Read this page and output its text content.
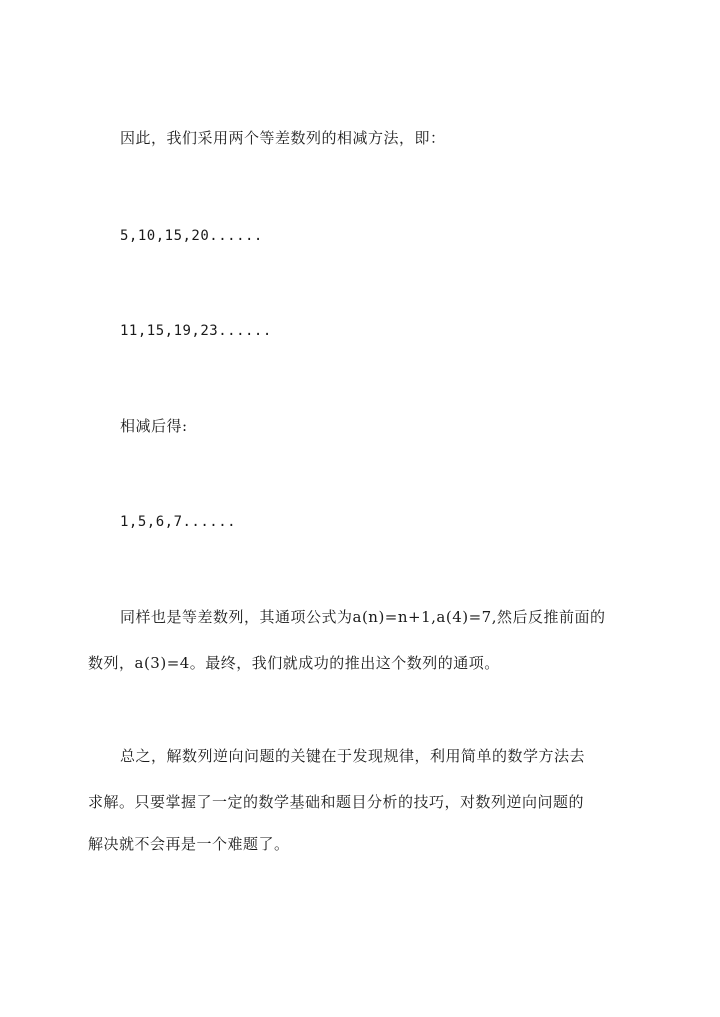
因此，我们采用两个等差数列的相减方法，即：
5,10,15,20......
11,15,19,23......
相减后得:
1,5,6,7......
同样也是等差数列，其通项公式为a(n)=n+1,a(4)=7,然后反推前面的
数列，a(3)=4。最终，我们就成功的推出这个数列的通项。
总之，解数列逆向问题的关键在于发现规律，利用简单的数学方法去
求解。只要掌握了一定的数学基础和题目分析的技巧，对数列逆向问题的
解决就不会再是一个难题了。
